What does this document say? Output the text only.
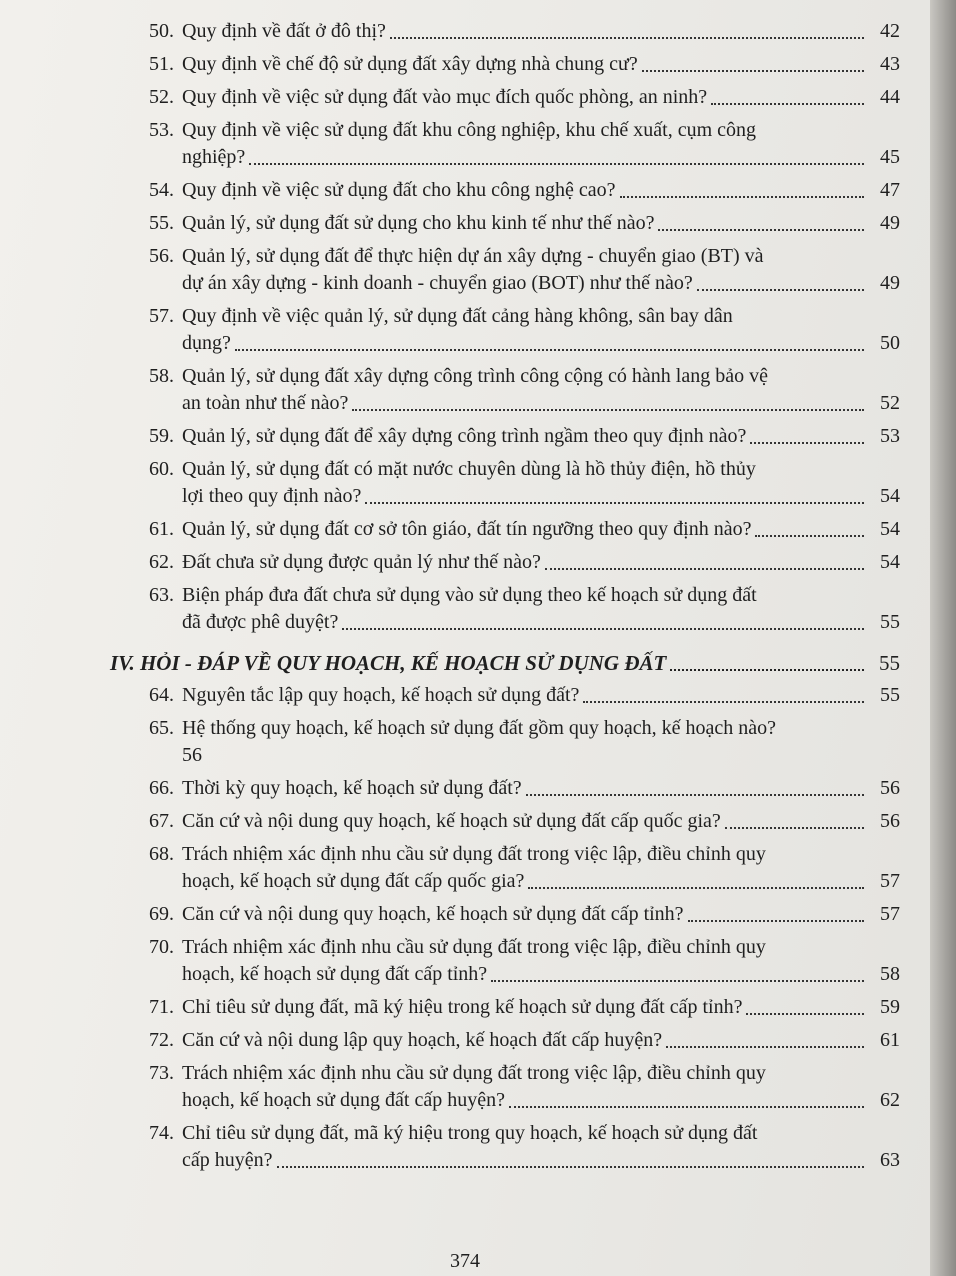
50. Quy định về đất ở đô thị?	42
51. Quy định về chế độ sử dụng đất xây dựng nhà chung cư?	43
52. Quy định về việc sử dụng đất vào mục đích quốc phòng, an ninh?	44
53. Quy định về việc sử dụng đất khu công nghiệp, khu chế xuất, cụm công
nghiệp?	45
54. Quy định về việc sử dụng đất cho khu công nghệ cao?	47
55. Quản lý, sử dụng đất sử dụng cho khu kinh tế như thế nào?	49
56. Quản lý, sử dụng đất để thực hiện dự án xây dựng - chuyển giao (BT) và
dự án xây dựng - kinh doanh - chuyển giao (BOT) như thế nào?	49
57. Quy định về việc quản lý, sử dụng đất cảng hàng không, sân bay dân
dụng?	50
58. Quản lý, sử dụng đất xây dựng công trình công cộng có hành lang bảo vệ
an toàn như thế nào?	52
59. Quản lý, sử dụng đất để xây dựng công trình ngầm theo quy định nào?	53
60. Quản lý, sử dụng đất có mặt nước chuyên dùng là hồ thủy điện, hồ thủy
lợi theo quy định nào?	54
61. Quản lý, sử dụng đất cơ sở tôn giáo, đất tín ngưỡng theo quy định nào?	54
62. Đất chưa sử dụng được quản lý như thế nào?	54
63. Biện pháp đưa đất chưa sử dụng vào sử dụng theo kế hoạch sử dụng đất
đã được phê duyệt?	55
IV. HỎI - ĐÁP VỀ QUY HOẠCH, KẾ HOẠCH SỬ DỤNG ĐẤT	55
64. Nguyên tắc lập quy hoạch, kế hoạch sử dụng đất?	55
65. Hệ thống quy hoạch, kế hoạch sử dụng đất gồm quy hoạch, kế hoạch nào?
56
66. Thời kỳ quy hoạch, kế hoạch sử dụng đất?	56
67. Căn cứ và nội dung quy hoạch, kế hoạch sử dụng đất cấp quốc gia?	56
68. Trách nhiệm xác định nhu cầu sử dụng đất trong việc lập, điều chỉnh quy
hoạch, kế hoạch sử dụng đất cấp quốc gia?	57
69. Căn cứ và nội dung quy hoạch, kế hoạch sử dụng đất cấp tỉnh?	57
70. Trách nhiệm xác định nhu cầu sử dụng đất trong việc lập, điều chỉnh quy
hoạch, kế hoạch sử dụng đất cấp tỉnh?	58
71. Chỉ tiêu sử dụng đất, mã ký hiệu trong kế hoạch sử dụng đất cấp tỉnh?	59
72. Căn cứ và nội dung lập quy hoạch, kế hoạch đất cấp huyện?	61
73. Trách nhiệm xác định nhu cầu sử dụng đất trong việc lập, điều chỉnh quy
hoạch, kế hoạch sử dụng đất cấp huyện?	62
74. Chỉ tiêu sử dụng đất, mã ký hiệu trong quy hoạch, kế hoạch sử dụng đất
cấp huyện?	63
374
